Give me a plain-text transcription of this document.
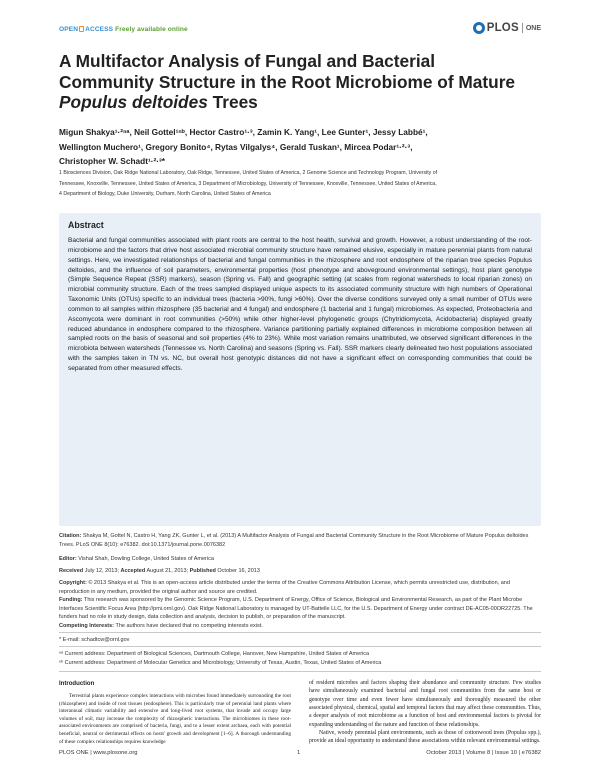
OPEN ACCESS Freely available online	PLOS ONE
A Multifactor Analysis of Fungal and Bacterial
Community Structure in the Root Microbiome of Mature
Populus deltoides Trees
Migun Shakya¹·²ⁿᵃ, Neil Gottel¹ⁿᵇ, Hector Castro¹·³, Zamin K. Yang¹, Lee Gunter¹, Jessy Labbé¹,
Wellington Muchero¹, Gregory Bonito⁴, Rytas Vilgalys⁴, Gerald Tuskan¹, Mircea Podar¹·²·³,
Christopher W. Schadt¹·²·³*
1 Biosciences Division, Oak Ridge National Laboratory, Oak Ridge, Tennessee, United States of America, 2 Genome Science and Technology Program, University of
Tennessee, Knoxville, Tennessee, United States of America, 3 Department of Microbiology, University of Tennessee, Knoxville, Tennessee, United States of America,
4 Department of Biology, Duke University, Durham, North Carolina, United States of America
Abstract
Bacterial and fungal communities associated with plant roots are central to the host health, survival and growth. However, a robust understanding of the root-microbiome and the factors that drive host associated microbial community structure have remained elusive, especially in mature perennial plants from natural settings. Here, we investigated relationships of bacterial and fungal communities in the rhizosphere and root endosphere of the riparian tree species Populus deltoides, and the influence of soil parameters, environmental properties (host phenotype and aboveground environmental settings), host plant genotype (Simple Sequence Repeat (SSR) markers), season (Spring vs. Fall) and geographic setting (at scales from regional watersheds to local riparian zones) on microbial community structure. Each of the trees sampled displayed unique aspects to its associated community structure with high numbers of Operational Taxonomic Units (OTUs) specific to an individual trees (bacteria >90%, fungi >60%). Over the diverse conditions surveyed only a small number of OTUs were common to all samples within rhizosphere (35 bacterial and 4 fungal) and endosphere (1 bacterial and 1 fungal) microbiomes. As expected, Proteobacteria and Ascomycota were dominant in root communities (>50%) while other higher-level phylogenetic groups (Chytridiomycota, Acidobacteria) displayed greatly reduced abundance in endosphere compared to the rhizosphere. Variance partitioning partially explained differences in microbiome composition between all sampled roots on the basis of seasonal and soil properties (4% to 23%). While most variation remains unattributed, we observed significant differences in the microbiota between watersheds (Tennessee vs. North Carolina) and seasons (Spring vs. Fall). SSR markers clearly delineated two host populations associated with the samples taken in TN vs. NC, but overall host genotypic distances did not have a significant effect on corresponding communities that could be separated from other measured effects.
Citation: Shakya M, Gottel N, Castro H, Yang ZK, Gunter L, et al. (2013) A Multifactor Analysis of Fungal and Bacterial Community Structure in the Root Microbiome of Mature Populus deltoides Trees. PLoS ONE 8(10): e76382. doi:10.1371/journal.pone.0076382
Editor: Vishal Shah, Dowling College, United States of America
Received July 12, 2013; Accepted August 21, 2013; Published October 16, 2013
Copyright: © 2013 Shakya et al. This is an open-access article distributed under the terms of the Creative Commons Attribution License, which permits unrestricted use, distribution, and reproduction in any medium, provided the original author and source are credited.
Funding: This research was sponsored by the Genomic Science Program, U.S. Department of Energy, Office of Science, Biological and Environmental Research, as part of the Plant Microbe Interfaces Scientific Focus Area (http://pmi.ornl.gov). Oak Ridge National Laboratory is managed by UT-Battelle LLC, for the U.S. Department of Energy under contract DE-AC05-00OR22725. The funders had no role in study design, data collection and analysis, decision to publish, or preparation of the manuscript.
Competing Interests: The authors have declared that no competing interests exist.
* E-mail: schadtcw@ornl.gov
ⁿᵃ Current address: Department of Biological Sciences, Dartmouth College, Hanover, New Hampshire, United States of America
ⁿᵇ Current address: Department of Molecular Genetics and Microbiology, University of Texas, Austin, Texas, United States of America
Introduction
Terrestrial plants experience complex interactions with microbes found immediately surrounding the root (rhizosphere) and inside of root tissues (endosphere). This is particularly true of perennial land plants where interannual climatic variability and extensive and long-lived root systems, that invade and occupy large volumes of soil, may increase the complexity of rhizospheric interactions. The microbiomes in these root-associated environments are comprised of bacteria, fungi, and to a lesser extent archaea, each with potential beneficial, neutral or detrimental effects on hosts' growth and development [1–6]. A thorough understanding of these complex relationships requires knowledge
of resident microbes and factors shaping their abundance and community structure. Few studies have simultaneously examined bacterial and fungal root communities from the same host or genotype over time and even fewer have simultaneously and thoroughly measured the other associated physical, chemical, spatial and temporal factors that may affect these communities. Thus, a deeper analysis of root microbiome as a function of host and environmental factors is pivotal for expanding understanding of the nature and function of these relationships.
Native, woody perennial plant environments, such as those of cottonwood trees (Populus spp.), provide an ideal opportunity to understand these associations within relevant environmental settings.
PLOS ONE | www.plosone.org	1	October 2013 | Volume 8 | Issue 10 | e76382
